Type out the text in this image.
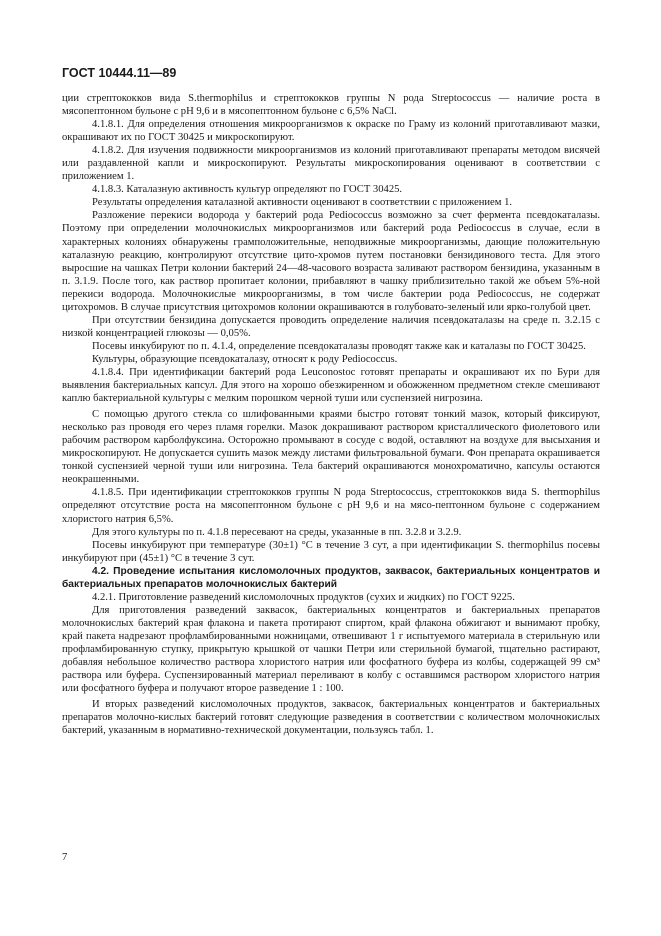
ГОСТ 10444.11—89

ции стрептококков вида S.thermophilus и стрептококков группы N рода Streptococcus — наличие роста в мясопептонном бульоне с рН 9,6 и в мясопептонном бульоне с 6,5% NaCl.

4.1.8.1. Для определения отношения микроорганизмов к окраске по Граму из колоний приготавливают мазки, окрашивают их по ГОСТ 30425 и микроскопируют.

4.1.8.2. Для изучения подвижности микроорганизмов из колоний приготавливают препараты методом висячей или раздавленной капли и микроскопируют. Результаты микроскопирования оценивают в соответствии с приложением 1.

4.1.8.3. Каталазную активность культур определяют по ГОСТ 30425.

Результаты определения каталазной активности оценивают в соответствии с приложением 1.

Разложение перекиси водорода у бактерий рода Pediococcus возможно за счет фермента псевдокаталазы. Поэтому при определении молочнокислых микроорганизмов или бактерий рода Pediococcus в случае, если в характерных колониях обнаружены грамположительные, неподвижные микроорганизмы, дающие положительную каталазную реакцию, контролируют отсутствие цито-хромов путем постановки бензидинового теста. Для этого выросшие на чашках Петри колонии бактерий 24—48-часового возраста заливают раствором бензидина, указанным в п. 3.1.9. После того, как раствор пропитает колонии, прибавляют в чашку приблизительно такой же объем 5%-ной перекиси водорода. Молочнокислые микроорганизмы, в том числе бактерии рода Pediococcus, не содержат цитохромов. В случае присутствия цитохромов колонии окрашиваются в голубовато-зеленый или ярко-голубой цвет.

При отсутствии бензидина допускается проводить определение наличия псевдокаталазы на среде п. 3.2.15 с низкой концентрацией глюкозы — 0,05%.

Посевы инкубируют по п. 4.1.4, определение псевдокаталазы проводят также как и каталазы по ГОСТ 30425.

Культуры, образующие псевдокаталазу, относят к роду Pediococcus.

4.1.8.4. При идентификации бактерий рода Leuconostoc готовят препараты и окрашивают их по Бури для выявления бактериальных капсул. Для этого на хорошо обезжиренном и обожженном предметном стекле смешивают каплю бактериальной культуры с мелким порошком черной туши или суспензией нигрозина.

С помощью другого стекла со шлифованными краями быстро готовят тонкий мазок, который фиксируют, несколько раз проводя его через пламя горелки. Мазок докрашивают раствором кристаллического фиолетового или рабочим раствором карболфуксина. Осторожно промывают в сосуде с водой, оставляют на воздухе для высыхания и микроскопируют. Не допускается сушить мазок между листами фильтровальной бумаги. Фон препарата окрашивается тонкой суспензией черной туши или нигрозина. Тела бактерий окрашиваются монохроматично, капсулы остаются неокрашенными.

4.1.8.5. При идентификации стрептококков группы N рода Streptococcus, стрептококков вида S. thermophilus определяют отсутствие роста на мясопептонном бульоне с рН 9,6 и на мясо-пептонном бульоне с содержанием хлористого натрия 6,5%.

Для этого культуры по п. 4.1.8 пересевают на среды, указанные в пп. 3.2.8 и 3.2.9.

Посевы инкубируют при температуре (30±1) °С в течение 3 сут, а при идентификации S. thermophilus посевы инкубируют при (45±1) °С в течение 3 сут.

4.2. Проведение испытания кисломолочных продуктов, заквасок, бактериальных концентратов и бактериальных препаратов молочнокислых бактерий

4.2.1. Приготовление разведений кисломолочных продуктов (сухих и жидких) по ГОСТ 9225.

Для приготовления разведений заквасок, бактериальных концентратов и бактериальных препаратов молочнокислых бактерий края флакона и пакета протирают спиртом, край флакона обжигают и вынимают пробку, край пакета надрезают профламбированными ножницами, отвешивают 1 г испытуемого материала в стерильную или профламбированную ступку, прикрытую крышкой от чашки Петри или стерильной бумагой, тщательно растирают, добавляя небольшое количество раствора хлористого натрия или фосфатного буфера из колбы, содержащей 99 см³ раствора или буфера. Суспензированный материал переливают в колбу с оставшимся раствором хлористого натрия или фосфатного буфера и получают второе разведение 1 : 100.

И вторых разведений кисломолочных продуктов, заквасок, бактериальных концентратов и бактериальных препаратов молочно-кислых бактерий готовят следующие разведения в соответствии с количеством молочнокислых бактерий, указанным в нормативно-технической документации, пользуясь табл. 1.

7
